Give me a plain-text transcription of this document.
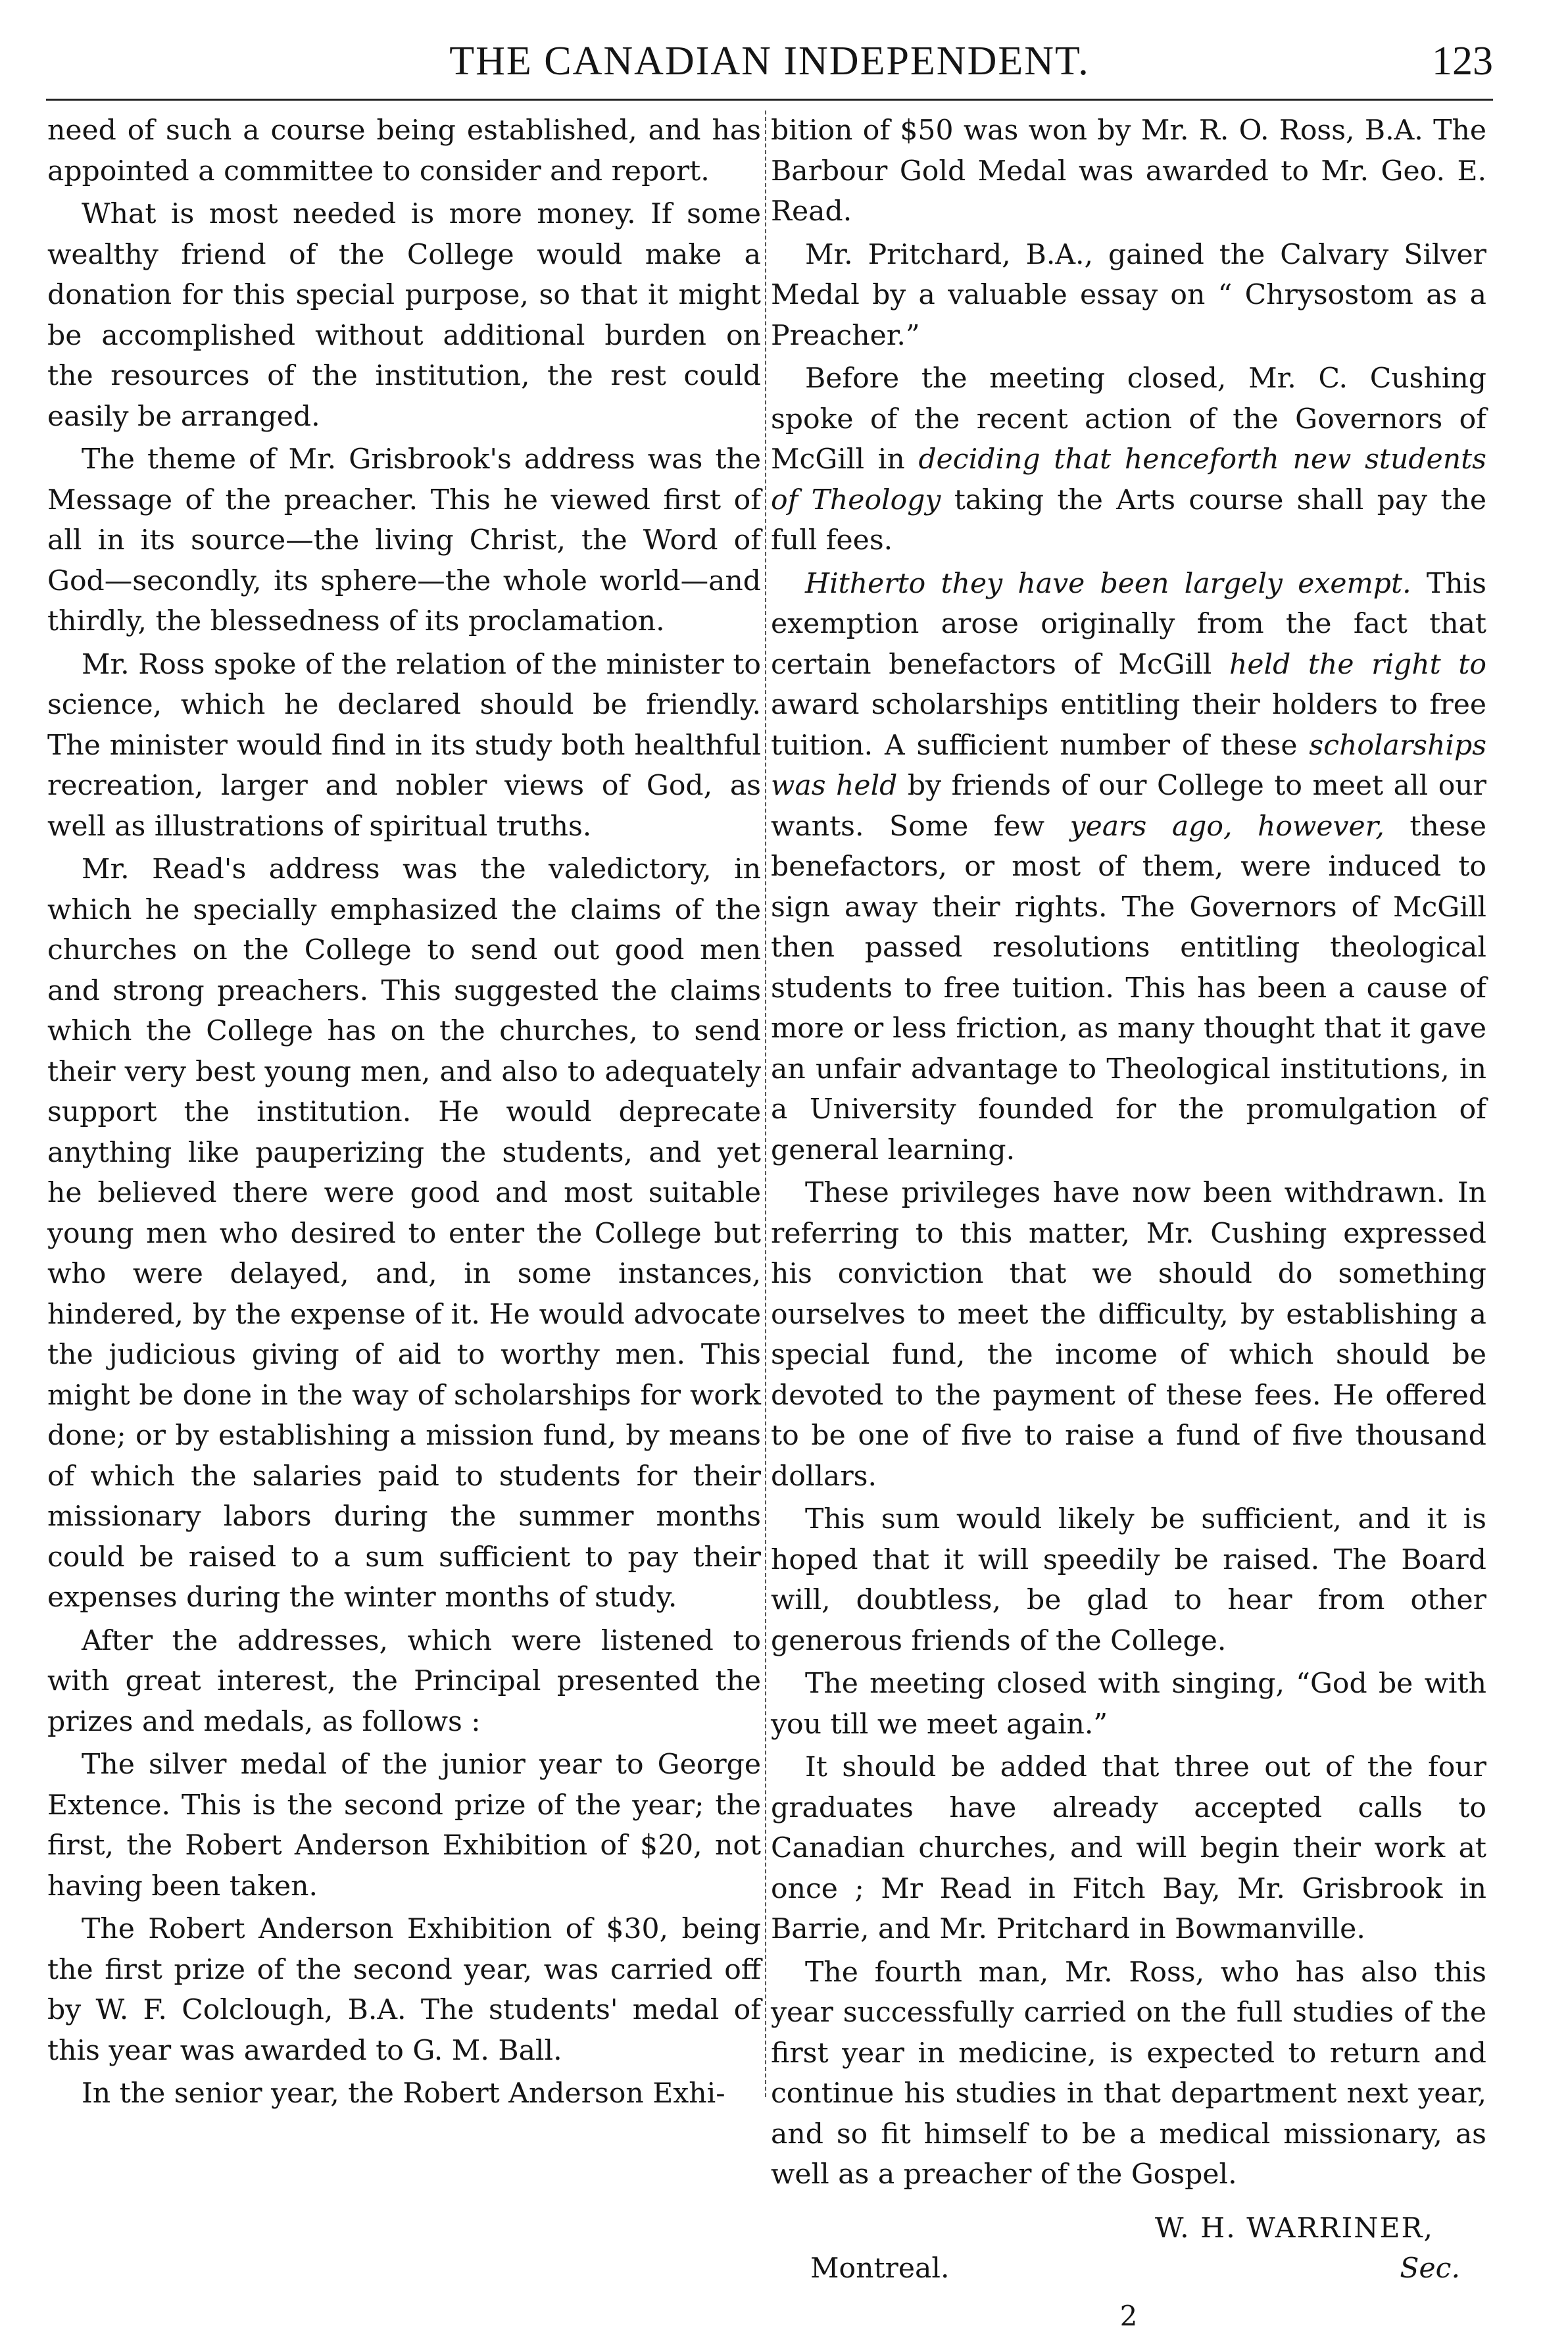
THE CANADIAN INDEPENDENT.	123

need of such a course being established, and has appointed a committee to consider and report.

What is most needed is more money. If some wealthy friend of the College would make a donation for this special purpose, so that it might be accomplished without additional burden on the resources of the institution, the rest could easily be arranged.

The theme of Mr. Grisbrook's address was the Message of the preacher. This he viewed first of all in its source—the living Christ, the Word of God—secondly, its sphere—the whole world—and thirdly, the blessedness of its proclamation.

Mr. Ross spoke of the relation of the minister to science, which he declared should be friendly. The minister would find in its study both healthful recreation, larger and nobler views of God, as well as illustrations of spiritual truths.

Mr. Read's address was the valedictory, in which he specially emphasized the claims of the churches on the College to send out good men and strong preachers. This suggested the claims which the College has on the churches, to send their very best young men, and also to adequately support the institution. He would deprecate anything like pauperizing the students, and yet he believed there were good and most suitable young men who desired to enter the College but who were delayed, and, in some instances, hindered, by the expense of it. He would advocate the judicious giving of aid to worthy men. This might be done in the way of scholarships for work done; or by establishing a mission fund, by means of which the salaries paid to students for their missionary labors during the summer months could be raised to a sum sufficient to pay their expenses during the winter months of study.

After the addresses, which were listened to with great interest, the Principal presented the prizes and medals, as follows :

The silver medal of the junior year to George Extence. This is the second prize of the year; the first, the Robert Anderson Exhibition of $20, not having been taken.

The Robert Anderson Exhibition of $30, being the first prize of the second year, was carried off by W. F. Colclough, B.A. The students' medal of this year was awarded to G. M. Ball.

In the senior year, the Robert Anderson Exhi-

bition of $50 was won by Mr. R. O. Ross, B.A. The Barbour Gold Medal was awarded to Mr. Geo. E. Read.

Mr. Pritchard, B.A., gained the Calvary Silver Medal by a valuable essay on “ Chrysostom as a Preacher.”

Before the meeting closed, Mr. C. Cushing spoke of the recent action of the Governors of McGill in deciding that henceforth new students of Theology taking the Arts course shall pay the full fees.

Hitherto they have been largely exempt. This exemption arose originally from the fact that certain benefactors of McGill held the right to award scholarships entitling their holders to free tuition. A sufficient number of these scholarships was held by friends of our College to meet all our wants. Some few years ago, however, these benefactors, or most of them, were induced to sign away their rights. The Governors of McGill then passed resolutions entitling theological students to free tuition. This has been a cause of more or less friction, as many thought that it gave an unfair advantage to Theological institutions, in a University founded for the promulgation of general learning.

These privileges have now been withdrawn. In referring to this matter, Mr. Cushing expressed his conviction that we should do something ourselves to meet the difficulty, by establishing a special fund, the income of which should be devoted to the payment of these fees. He offered to be one of five to raise a fund of five thousand dollars.

This sum would likely be sufficient, and it is hoped that it will speedily be raised. The Board will, doubtless, be glad to hear from other generous friends of the College.

The meeting closed with singing, “God be with you till we meet again.”

It should be added that three out of the four graduates have already accepted calls to Canadian churches, and will begin their work at once ; Mr Read in Fitch Bay, Mr. Grisbrook in Barrie, and Mr. Pritchard in Bowmanville.

The fourth man, Mr. Ross, who has also this year successfully carried on the full studies of the first year in medicine, is expected to return and continue his studies in that department next year, and so fit himself to be a medical missionary, as well as a preacher of the Gospel.

W. H. WARRINER,
Montreal.	Sec.
2
